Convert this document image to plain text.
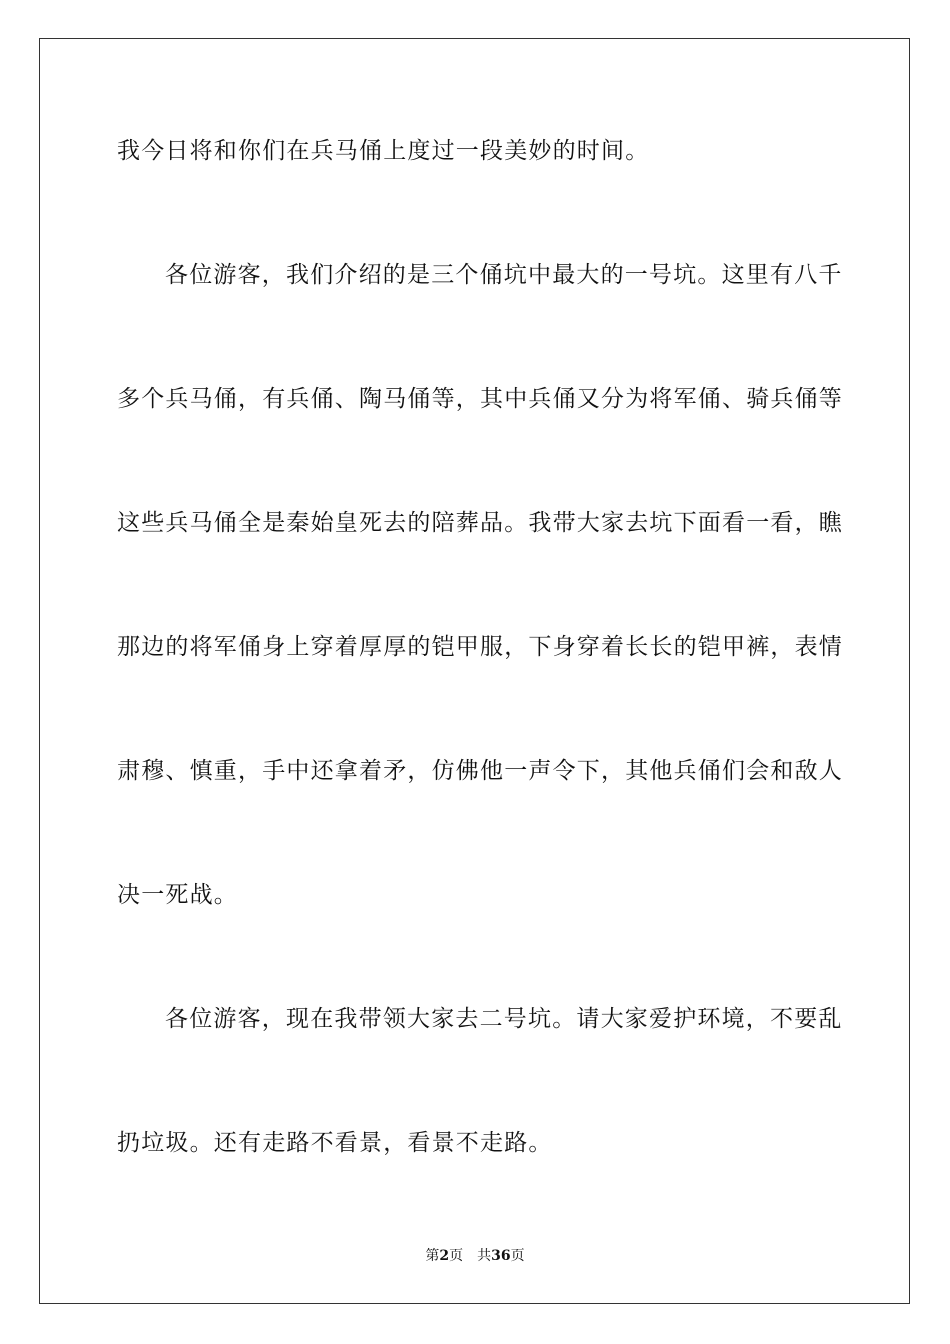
我今日将和你们在兵马俑上度过一段美妙的时间。
各位游客，我们介绍的是三个俑坑中最大的一号坑。这里有八千
多个兵马俑，有兵俑、陶马俑等，其中兵俑又分为将军俑、骑兵俑等
这些兵马俑全是秦始皇死去的陪葬品。我带大家去坑下面看一看，瞧
那边的将军俑身上穿着厚厚的铠甲服，下身穿着长长的铠甲裤，表情
肃穆、慎重，手中还拿着矛，仿佛他一声令下，其他兵俑们会和敌人
决一死战。
各位游客，现在我带领大家去二号坑。请大家爱护环境，不要乱
扔垃圾。还有走路不看景，看景不走路。
第2页 共36页
